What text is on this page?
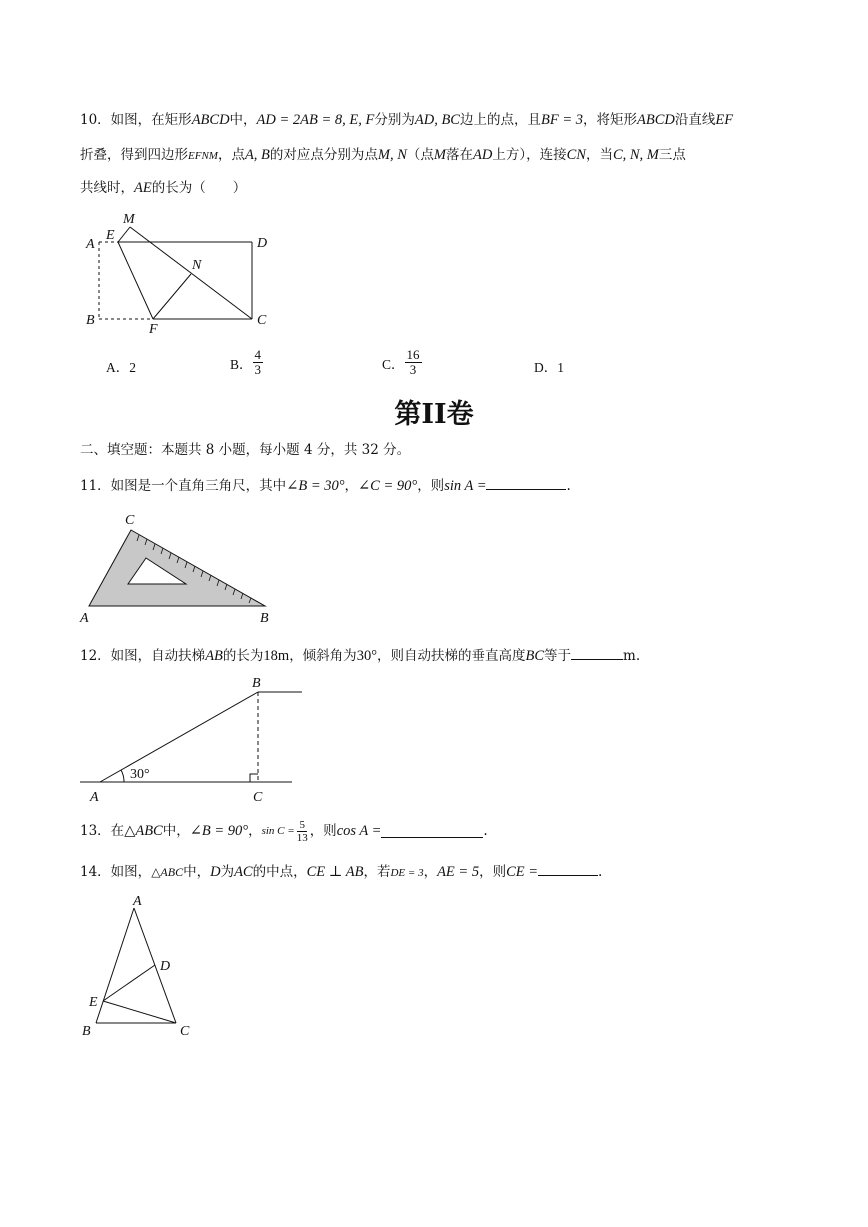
10．如图，在矩形ABCD中，AD = 2AB = 8, E, F分别为AD, BC边上的点，且BF = 3，将矩形ABCD沿直线EF
折叠，得到四边形EFNM，点A, B的对应点分别为点M, N（点M落在AD上方），连接CN，当C, N, M三点
共线时，AE的长为（　　）
A
E
M
D
N
B
F
C
A．2	B． $\frac{4}{3}$	C． $\frac{16}{3}$	D．1
第II卷
二、填空题：本题共 8 小题，每小题 4 分，共 32 分。
11．如图是一个直角三角尺，其中∠B = 30°，∠C = 90°，则sin A =	.
C
A	B
12．如图，自动扶梯AB的长为18m，倾斜角为30°，则自动扶梯的垂直高度BC等于	m.
30°
A
B
C
13．在 △ABC 中， ∠B = 90° ， $\sin C = \frac{5}{13}$ ，则 cos A =	.
14．如图，△ABC中，D为AC的中点，CE ⊥ AB，若DE = 3，AE = 5，则CE =	.
A
D
E
B	C
